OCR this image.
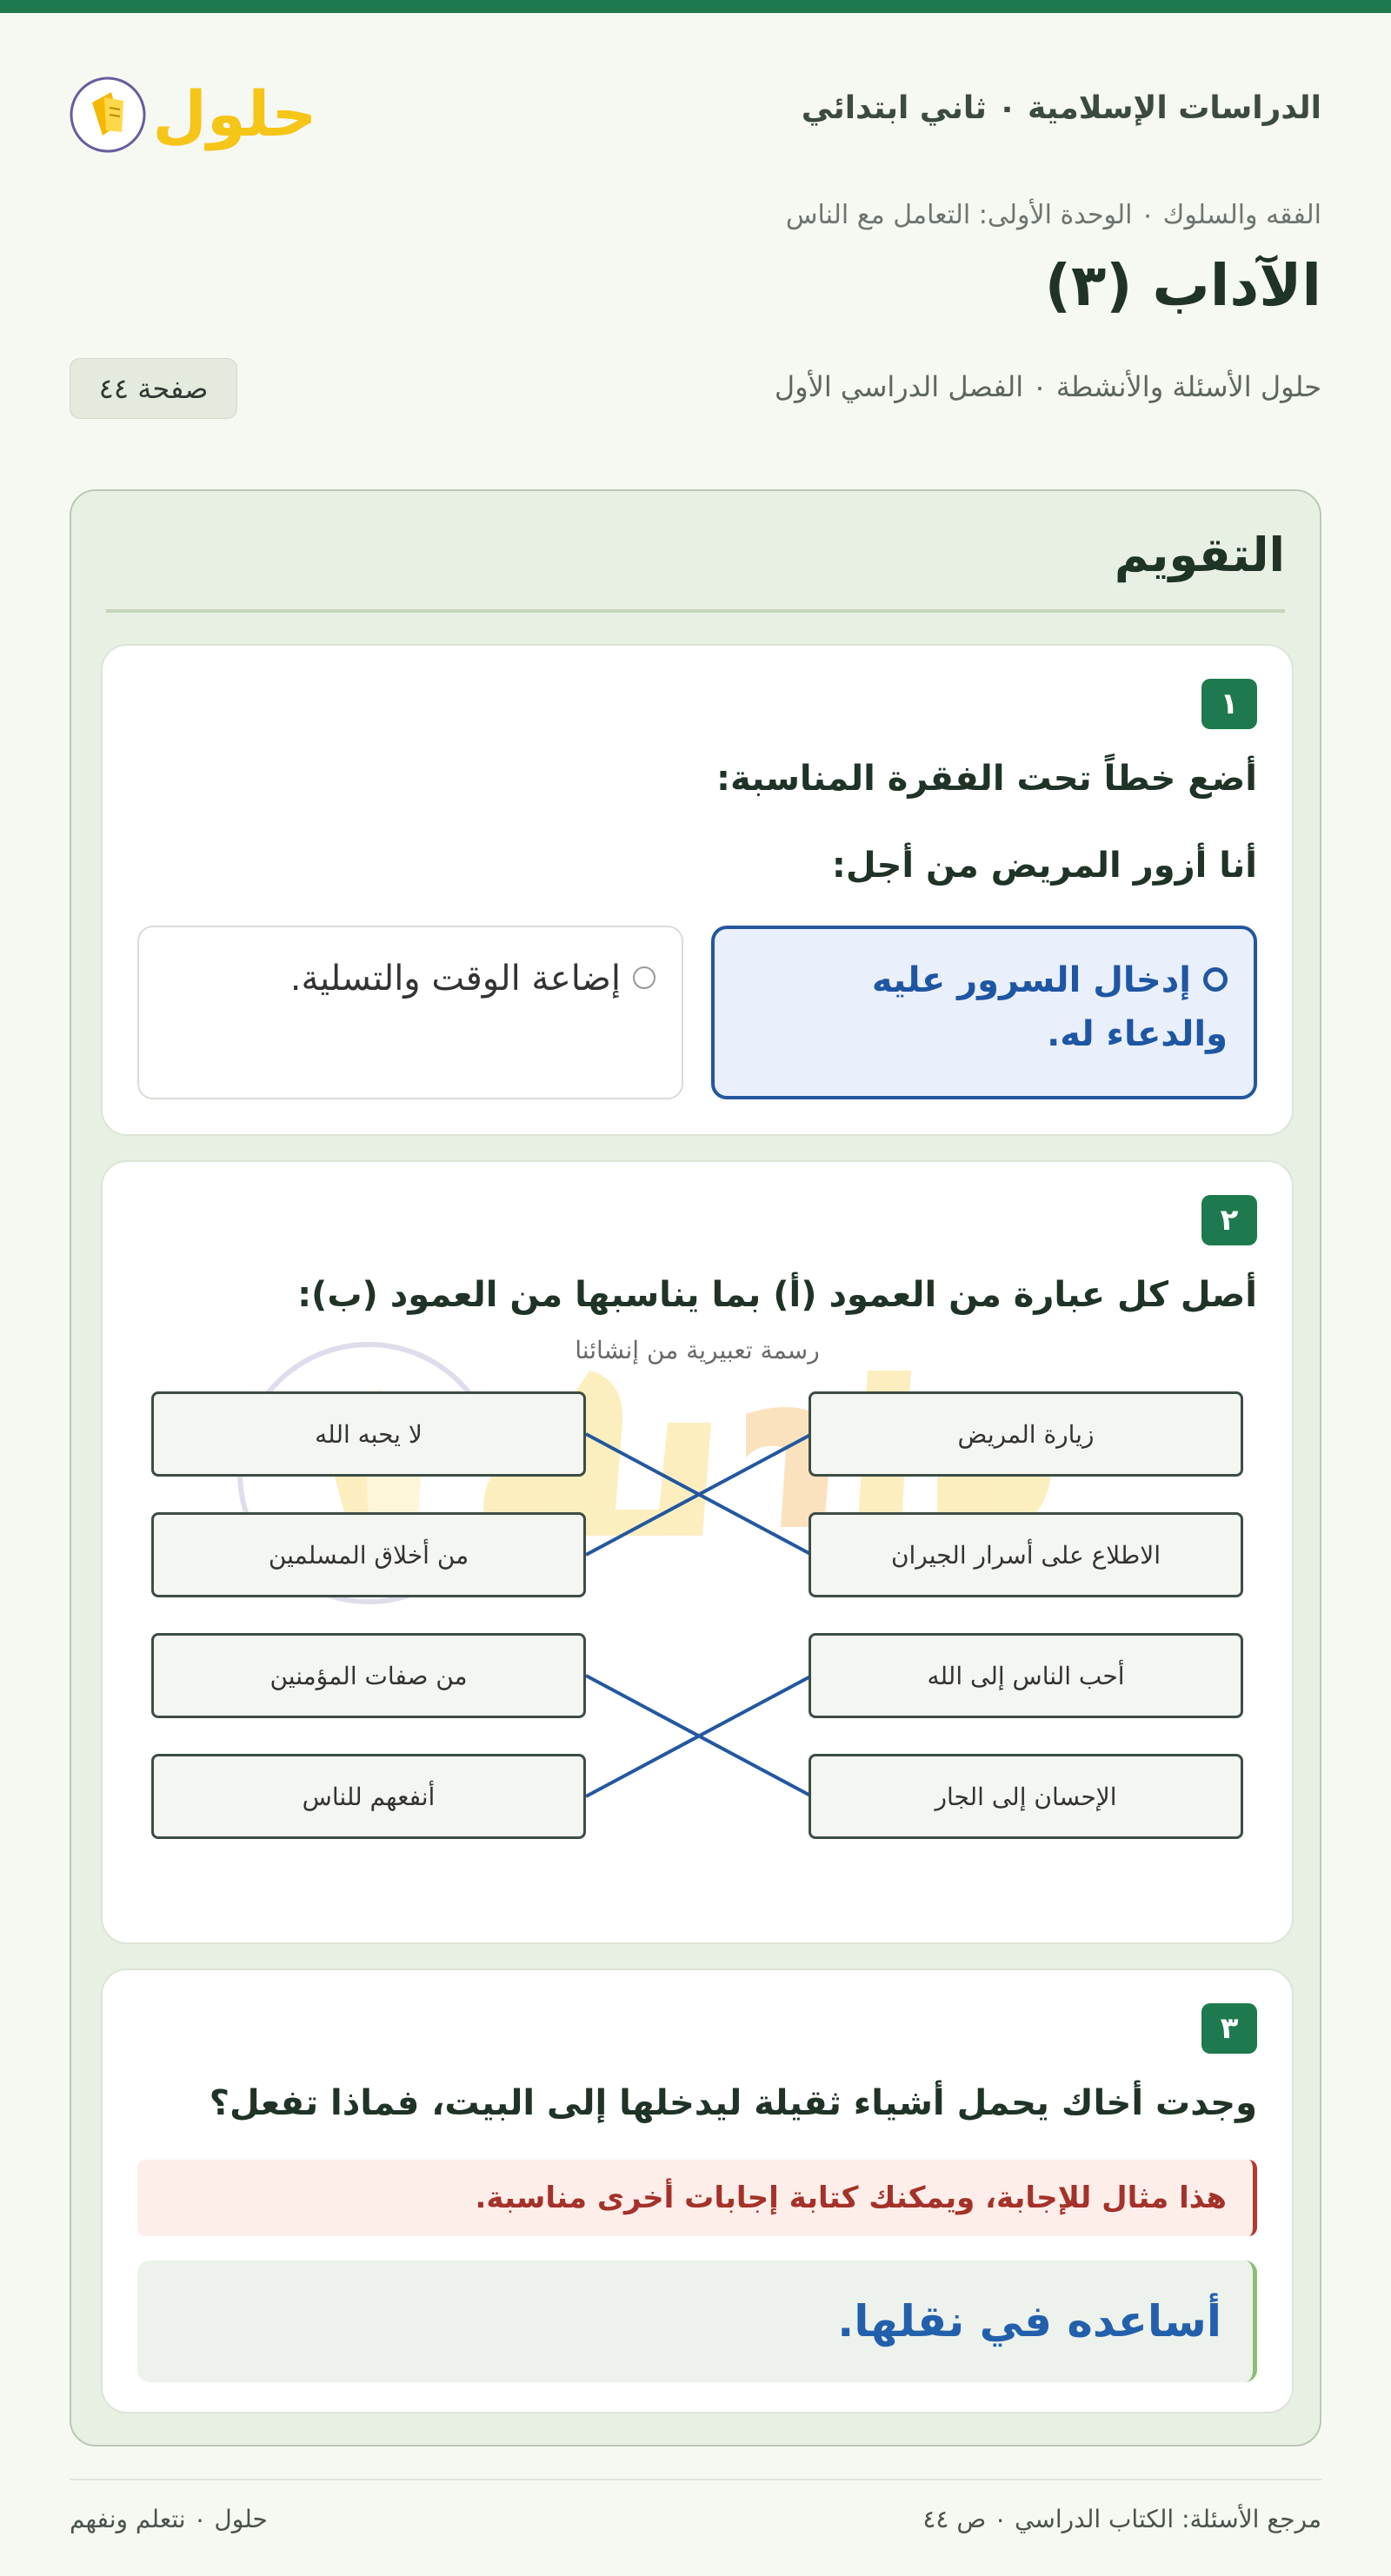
الدراسات الإسلامية ٠ ثاني ابتدائي
حلول
الفقه والسلوك ٠ الوحدة الأولى: التعامل مع الناس
الآداب (٣)
حلول الأسئلة والأنشطة ٠ الفصل الدراسي الأول
صفحة ٤٤
التقويم
١
أضع خطاً تحت الفقرة المناسبة:
أنا أزور المريض من أجل:
إدخال السرور عليه والدعاء له.
إضاعة الوقت والتسلية.
٢
أصل كل عبارة من العمود (أ) بما يناسبها من العمود (ب):
رسمة تعبيرية من إنشائنا
زيارة المريض
الاطلاع على أسرار الجيران
أحب الناس إلى الله
الإحسان إلى الجار
لا يحبه الله
من أخلاق المسلمين
من صفات المؤمنين
أنفعهم للناس
٣
وجدت أخاك يحمل أشياء ثقيلة ليدخلها إلى البيت، فماذا تفعل؟
هذا مثال للإجابة، ويمكنك كتابة إجابات أخرى مناسبة.
أساعده في نقلها.
مرجع الأسئلة: الكتاب الدراسي ٠ ص ٤٤
حلول ٠ نتعلم ونفهم
